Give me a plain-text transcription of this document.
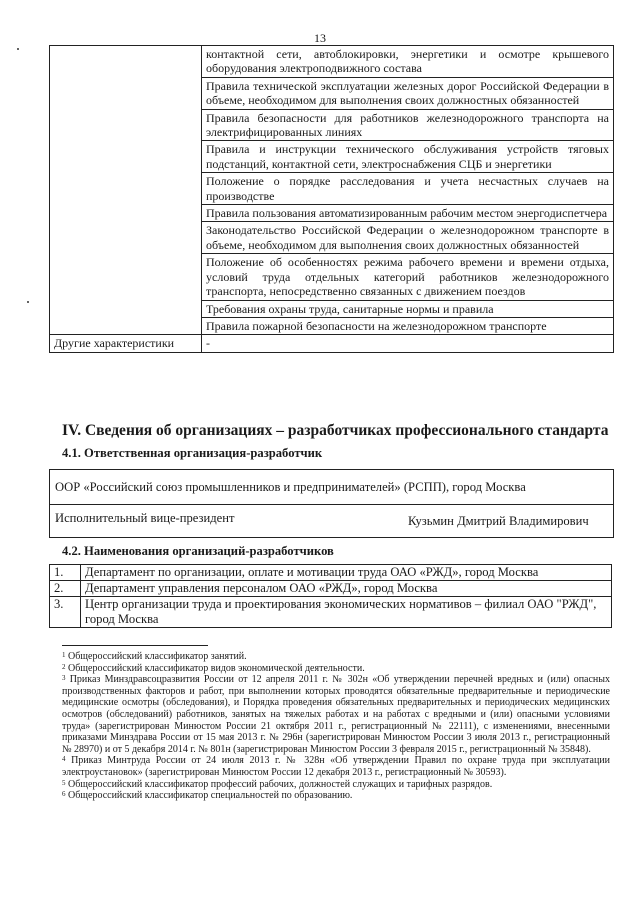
13
	контактной сети, автоблокировки, энергетики и осмотре крышевого оборудования электроподвижного состава
	Правила технической эксплуатации железных дорог Российской Федерации в объеме, необходимом для выполнения своих должностных обязанностей
	Правила безопасности для работников железнодорожного транспорта на электрифицированных линиях
	Правила и инструкции технического обслуживания устройств тяговых подстанций, контактной сети, электроснабжения СЦБ и энергетики
	Положение о порядке расследования и учета несчастных случаев на производстве
	Правила пользования автоматизированным рабочим местом энергодиспетчера
	Законодательство Российской Федерации о железнодорожном транспорте в объеме, необходимом для выполнения своих должностных обязанностей
	Положение об особенностях режима рабочего времени и времени отдыха, условий труда отдельных категорий работников железнодорожного транспорта, непосредственно связанных с движением поездов
	Требования охраны труда, санитарные нормы и правила
	Правила пожарной безопасности на железнодорожном транспорте
Другие характеристики	-
IV. Сведения об организациях – разработчиках профессионального стандарта
4.1. Ответственная организация-разработчик
ООР «Российский союз промышленников и предпринимателей» (РСПП), город Москва
Исполнительный вице-президент	Кузьмин Дмитрий Владимирович
4.2. Наименования организаций-разработчиков
1.	Департамент по организации, оплате и мотивации труда ОАО «РЖД», город Москва
2.	Департамент управления персоналом ОАО «РЖД», город Москва
3.	Центр организации труда и проектирования экономических нормативов – филиал ОАО "РЖД", город Москва

$^1$ Общероссийский классификатор занятий.

$^2$ Общероссийский классификатор видов экономической деятельности.

$^3$ Приказ Минздравсоцразвития России от 12 апреля 2011 г. № 302н «Об утверждении перечней вредных и (или) опасных производственных факторов и работ, при выполнении которых проводятся обязательные предварительные и периодические медицинские осмотры (обследования), и Порядка проведения обязательных предварительных и периодических медицинских осмотров (обследований) работников, занятых на тяжелых работах и на работах с вредными и (или) опасными условиями труда» (зарегистрирован Минюстом России 21 октября 2011 г., регистрационный № 22111), с изменениями, внесенными приказами Минздрава России от 15 мая 2013 г. № 296н (зарегистрирован Минюстом России 3 июля 2013 г., регистрационный № 28970) и от 5 декабря 2014 г. № 801н (зарегистрирован Минюстом России 3 февраля 2015 г., регистрационный № 35848).

$^4$ Приказ Минтруда России от 24 июля 2013 г. № 328н «Об утверждении Правил по охране труда при эксплуатации электроустановок» (зарегистрирован Минюстом России 12 декабря 2013 г., регистрационный № 30593).

$^5$ Общероссийский классификатор профессий рабочих, должностей служащих и тарифных разрядов.

$^6$ Общероссийский классификатор специальностей по образованию.
